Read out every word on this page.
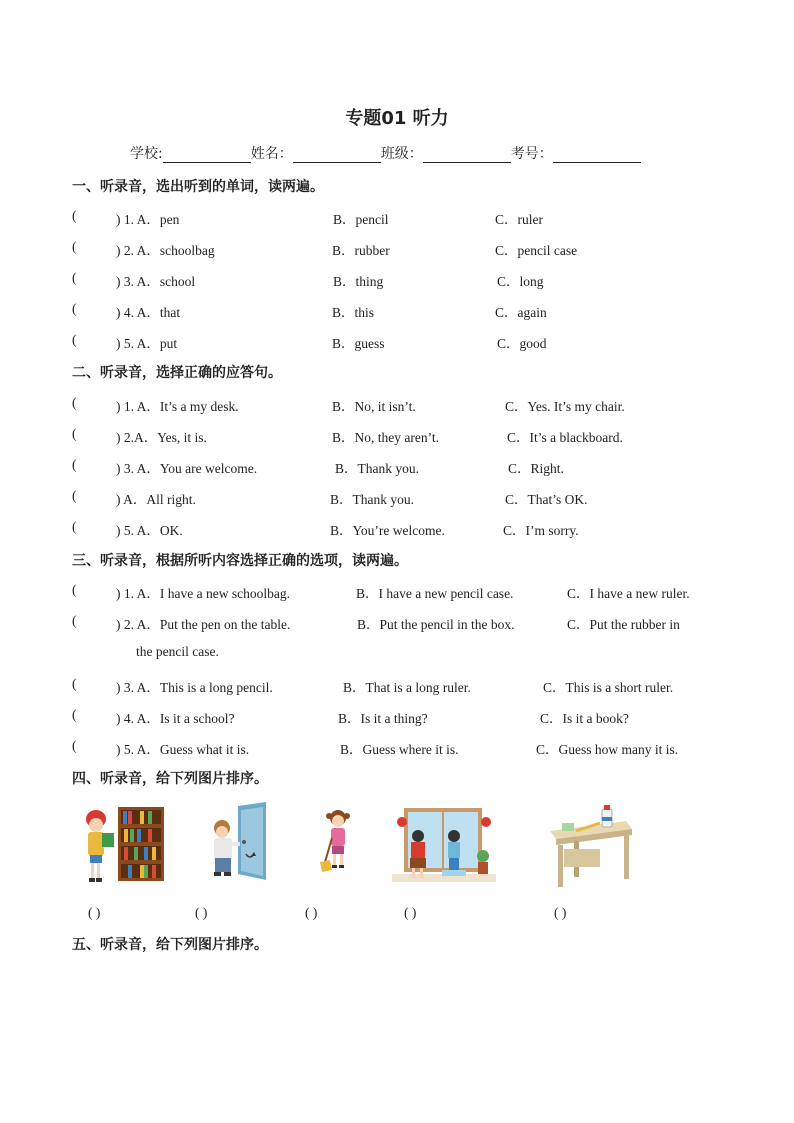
专题01 听力
学校:	姓名：	班级：	考号：
一、听录音，选出听到的单词，读两遍。
(	) 1. A．pen	B．pencil	C．ruler
(	) 2. A．schoolbag	B．rubber	C．pencil case
(	) 3. A．school	B．thing	C．long
(	) 4. A．that	B．this	C．again
(	) 5. A．put	B．guess	C．good
二、听录音，选择正确的应答句。
(	) 1. A．It’s a my desk.	B．No, it isn’t.	C．Yes. It’s my chair.
(	) 2.A．Yes, it is.	B．No, they aren’t.	C．It’s a blackboard.
(	) 3. A．You are welcome.	B．Thank you.	C．Right.
(	) A．All right.	B．Thank you.	C．That’s OK.
(	) 5. A．OK.	B．You’re welcome.	C．I’m sorry.
三、听录音，根据所听内容选择正确的选项，读两遍。
(	) 1. A．I have a new schoolbag.	B．I have a new pencil case.	C．I have a new ruler.
(	) 2. A．Put the pen on the table.	B．Put the pencil in the box.	C．Put the rubber in
the pencil case.
(	) 3. A．This is a long pencil.	B．That is a long ruler.	C．This is a short ruler.
(	) 4. A．Is it a school?	B．Is it a thing?	C．Is it a book?
(	) 5. A．Guess what it is.	B．Guess where it is.	C．Guess how many it is.
四、听录音，给下列图片排序。
( )	( )	( )	( )	( )
五、听录音，给下列图片排序。
